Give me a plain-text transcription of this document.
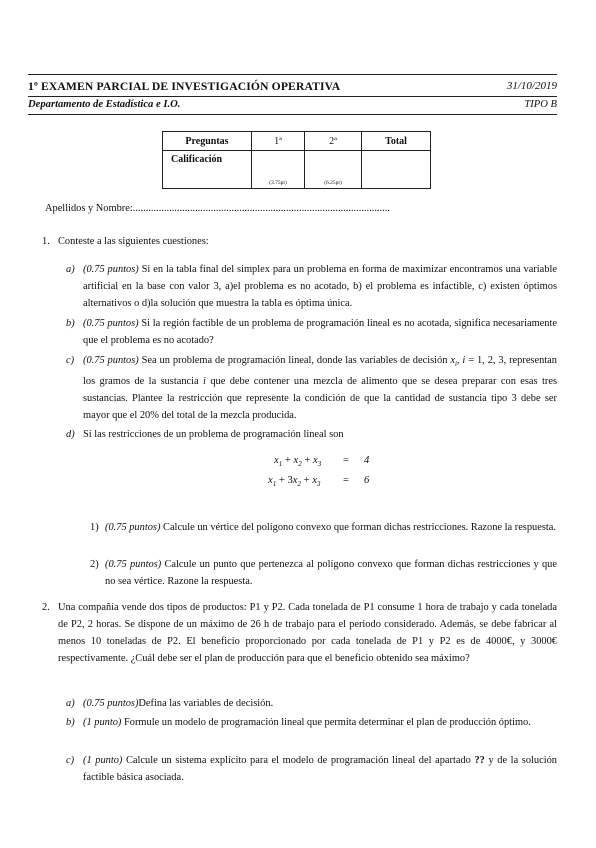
1º EXAMEN PARCIAL DE INVESTIGACIÓN OPERATIVA	31/10/2019
Departamento de Estadística e I.O.	TIPO B
Preguntas	1ª	2ª	Total
Calificación	(3.75pt)	(6.25pt)	

Apellidos y Nombre:...................................................................................................
1. Conteste a las siguientes cuestiones:
a) (0.75 puntos) Si en la tabla final del simplex para un problema en forma de maximizar encontramos una variable artificial en la base con valor 3, a)el problema es no acotado, b) el problema es infactible, c) existen óptimos alternativos o d)la solución que muestra la tabla es óptima única.
b) (0.75 puntos) Si la región factible de un problema de programación lineal es no acotada, significa necesariamente que el problema es no acotado?
c) (0.75 puntos) Sea un problema de programación lineal, donde las variables de decisión $x_i$, i = 1, 2, 3, representan los gramos de la sustancia i que debe contener una mezcla de alimento que se desea preparar con esas tres sustancias. Plantee la restricción que represente la condición de que la cantidad de sustancia tipo 3 debe ser mayor que el 20% del total de la mezcla producida.
d) Si las restricciones de un problema de programación lineal son
$x_1 + x_2 + x_3 = 4$
$x_1 + 3x_2 + x_3 = 6$
1) (0.75 puntos) Calcule un vértice del polígono convexo que forman dichas restricciones. Razone la respuesta.
2) (0.75 puntos) Calcule un punto que pertenezca al polígono convexo que forman dichas restricciones y que no sea vértice. Razone la respuesta.
2. Una compañía vende dos tipos de productos: P1 y P2. Cada tonelada de P1 consume 1 hora de trabajo y cada tonelada de P2, 2 horas. Se dispone de un máximo de 26 h de trabajo para el periodo considerado. Además, se debe fabricar al menos 10 toneladas de P2. El beneficio proporcionado por cada tonelada de P1 y P2 es de 4000€, y 3000€ respectivamente. ¿Cuál debe ser el plan de producción para que el beneficio obtenido sea máximo?
a) (0.75 puntos)Defina las variables de decisión.
b) (1 punto) Formule un modelo de programación lineal que permita determinar el plan de producción óptimo.
c) (1 punto) Calcule un sistema explícito para el modelo de programación lineal del apartado ?? y de la solución factible básica asociada.
